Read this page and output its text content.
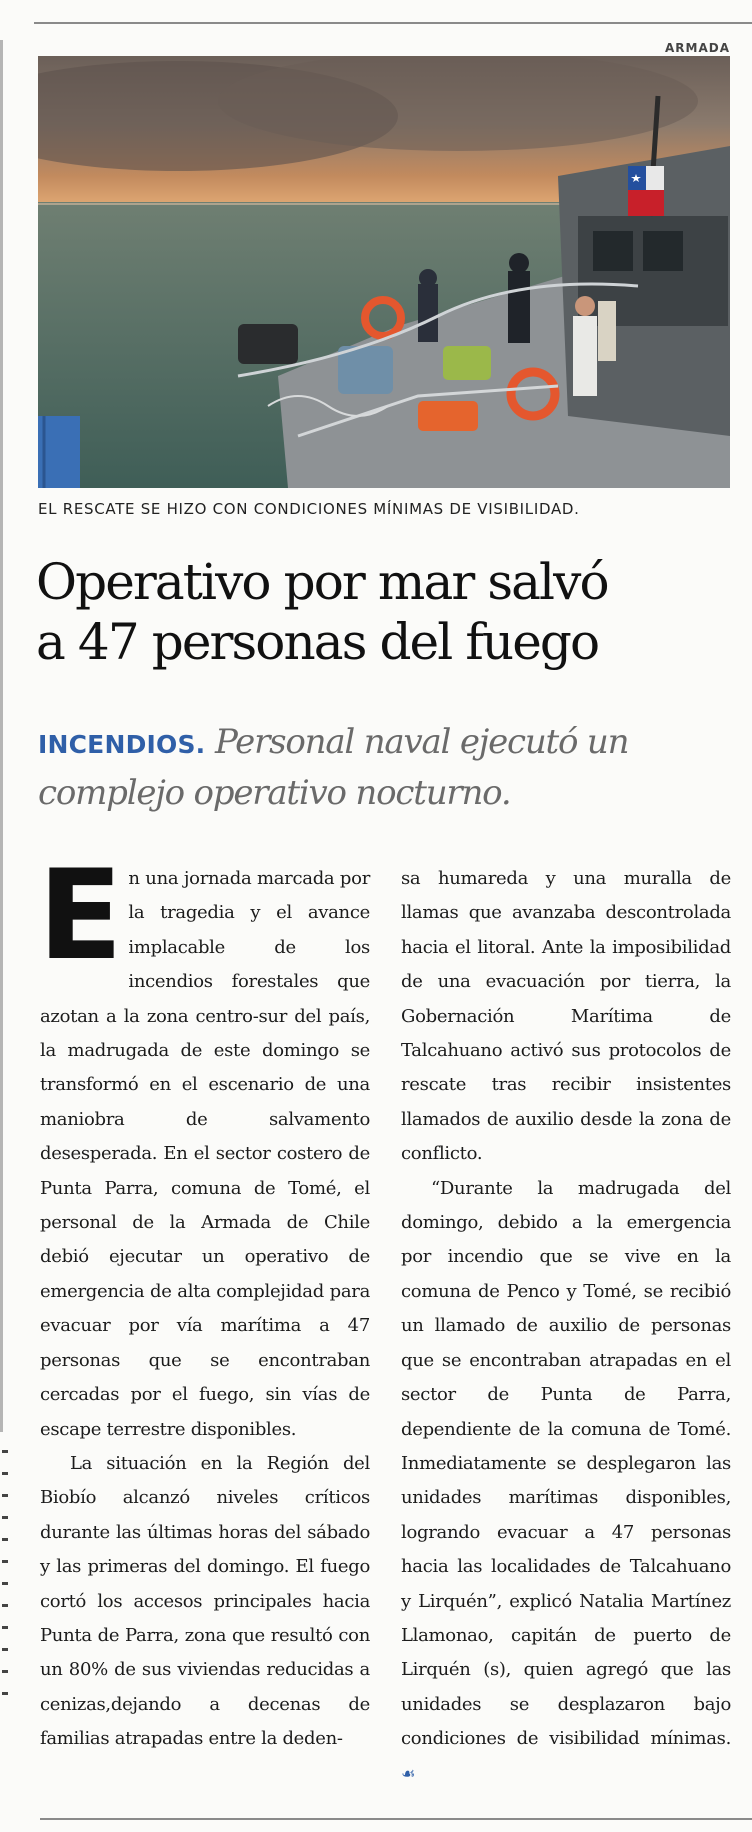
ARMADA
EL RESCATE SE HIZO CON CONDICIONES MÍNIMAS DE VISIBILIDAD.
Operativo por mar salvó
a 47 personas del fuego

INCENDIOS. Personal naval ejecutó un complejo operativo nocturno.

En una jornada marcada por la tragedia y el avance implacable de los incendios forestales que azotan a la zona centro-sur del país, la madrugada de este domingo se transformó en el escenario de una maniobra de salvamento desesperada. En el sector costero de Punta Parra, comuna de Tomé, el personal de la Armada de Chile debió ejecutar un operativo de emergencia de alta complejidad para evacuar por vía marítima a 47 personas que se encontraban cercadas por el fuego, sin vías de escape terrestre disponibles.

La situación en la Región del Biobío alcanzó niveles críticos durante las últimas horas del sábado y las primeras del domingo. El fuego cortó los accesos principales hacia Punta de Parra, zona que resultó con un 80% de sus viviendas reducidas a cenizas,dejando a decenas de familias atrapadas entre la deden-

sa humareda y una muralla de llamas que avanzaba descontrolada hacia el litoral. Ante la imposibilidad de una evacuación por tierra, la Gobernación Marítima de Talcahuano activó sus protocolos de rescate tras recibir insistentes llamados de auxilio desde la zona de conflicto.

“Durante la madrugada del domingo, debido a la emergencia por incendio que se vive en la comuna de Penco y Tomé, se recibió un llamado de auxilio de personas que se encontraban atrapadas en el sector de Punta de Parra, dependiente de la comuna de Tomé. Inmediatamente se desplegaron las unidades marítimas disponibles, logrando evacuar a 47 personas hacia las localidades de Talcahuano y Lirquén”, explicó Natalia Martínez Llamonao, capitán de puerto de Lirquén (s), quien agregó que las unidades se desplazaron bajo condiciones de visibilidad mínimas. ☙
